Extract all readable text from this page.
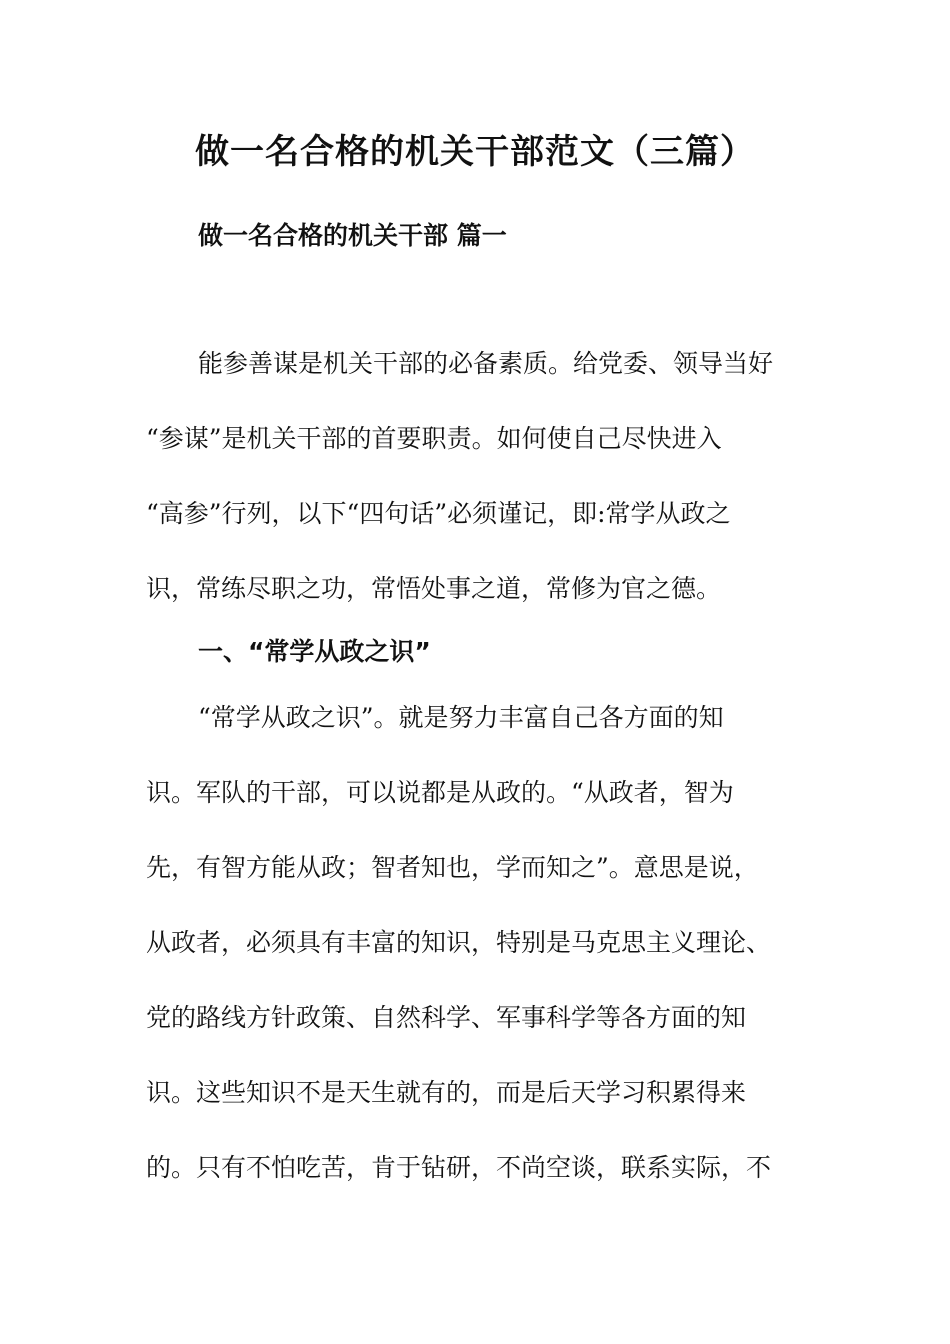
做一名合格的机关干部范文（三篇）
做一名合格的机关干部 篇一
能参善谋是机关干部的必备素质。给党委、领导当好
“参谋”是机关干部的首要职责。如何使自己尽快进入
“高参”行列，以下“四句话”必须谨记，即:常学从政之
识，常练尽职之功，常悟处事之道，常修为官之德。
一、“常学从政之识”
“常学从政之识”。就是努力丰富自己各方面的知
识。军队的干部，可以说都是从政的。“从政者，智为
先，有智方能从政；智者知也，学而知之”。意思是说，
从政者，必须具有丰富的知识，特别是马克思主义理论、
党的路线方针政策、自然科学、军事科学等各方面的知
识。这些知识不是天生就有的，而是后天学习积累得来
的。只有不怕吃苦，肯于钻研，不尚空谈，联系实际，不
